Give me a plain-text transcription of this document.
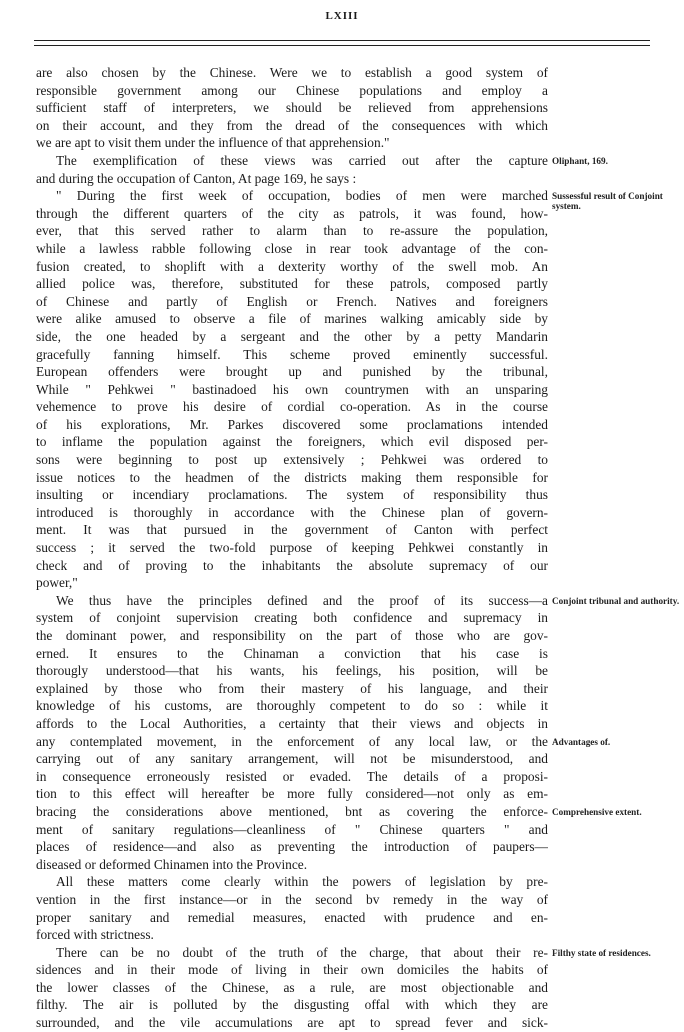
LXIII
are also chosen by the Chinese. Were we to establish a good system of
responsible government among our Chinese populations and employ a
sufficient staff of interpreters, we should be relieved from apprehensions
on their account, and they from the dread of the consequences with which
we are apt to visit them under the influence of that apprehension."
The exemplification of these views was carried out after the capture
and during the occupation of Canton, At page 169, he says :
" During the first week of occupation, bodies of men were marched
through the different quarters of the city as patrols, it was found, how-
ever, that this served rather to alarm than to re-assure the population,
while a lawless rabble following close in rear took advantage of the con-
fusion created, to shoplift with a dexterity worthy of the swell mob. An
allied police was, therefore, substituted for these patrols, composed partly
of Chinese and partly of English or French. Natives and foreigners
were alike amused to observe a file of marines walking amicably side by
side, the one headed by a sergeant and the other by a petty Mandarin
gracefully fanning himself. This scheme proved eminently successful.
European offenders were brought up and punished by the tribunal,
While " Pehkwei " bastinadoed his own countrymen with an unsparing
vehemence to prove his desire of cordial co-operation. As in the course
of his explorations, Mr. Parkes discovered some proclamations intended
to inflame the population against the foreigners, which evil disposed per-
sons were beginning to post up extensively ; Pehkwei was ordered to
issue notices to the headmen of the districts making them responsible for
insulting or incendiary proclamations. The system of responsibility thus
introduced is thoroughly in accordance with the Chinese plan of govern-
ment. It was that pursued in the government of Canton with perfect
success ; it served the two-fold purpose of keeping Pehkwei constantly in
check and of proving to the inhabitants the absolute supremacy of our
power,"
We thus have the principles defined and the proof of its success—a
system of conjoint supervision creating both confidence and supremacy in
the dominant power, and responsibility on the part of those who are gov-
erned. It ensures to the Chinaman a conviction that his case is
thorougly understood—that his wants, his feelings, his position, will be
explained by those who from their mastery of his language, and their
knowledge of his customs, are thoroughly competent to do so : while it
affords to the Local Authorities, a certainty that their views and objects in
any contemplated movement, in the enforcement of any local law, or the
carrying out of any sanitary arrangement, will not be misunderstood, and
in consequence erroneously resisted or evaded. The details of a proposi-
tion to this effect will hereafter be more fully considered—not only as em-
bracing the considerations above mentioned, bnt as covering the enforce-
ment of sanitary regulations—cleanliness of " Chinese quarters " and
places of residence—and also as preventing the introduction of paupers—
diseased or deformed Chinamen into the Province.
All these matters come clearly within the powers of legislation by pre-
vention in the first instance—or in the second bv remedy in the way of
proper sanitary and remedial measures, enacted with prudence and en-
forced with strictness.
There can be no doubt of the truth of the charge, that about their re-
sidences and in their mode of living in their own domiciles the habits of
the lower classes of the Chinese, as a rule, are most objectionable and
filthy. The air is polluted by the disgusting offal with which they are
surrounded, and the vile accumulations are apt to spread fever and sick-
Oliphant, 169.
Sussessful result of Conjoint system.
Conjoint tribunal and authority.
Advantages of.
Comprehensive extent.
Filthy state of residences.
